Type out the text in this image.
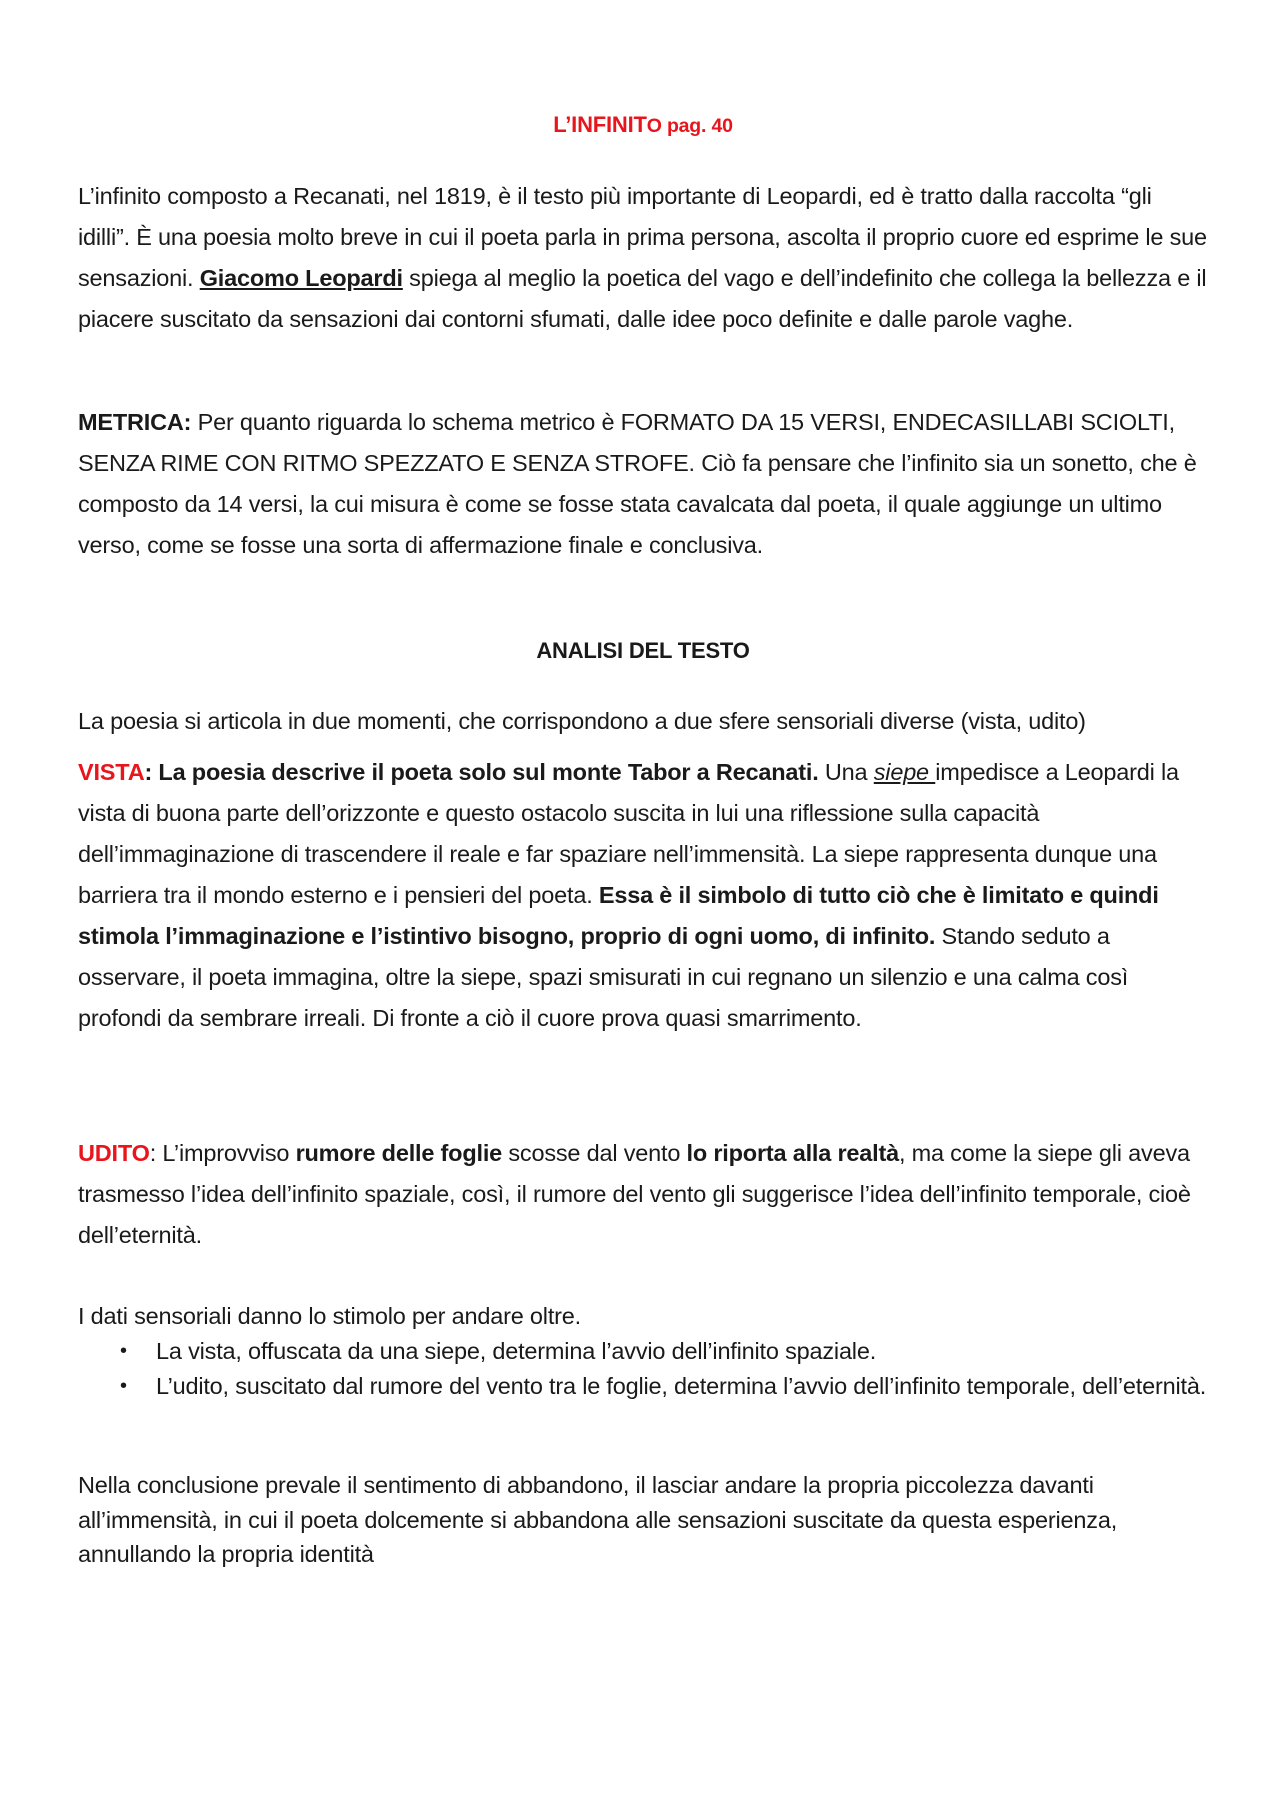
L’INFINITO pag. 40
L’infinito composto a Recanati, nel 1819, è il testo più importante di Leopardi, ed è tratto dalla raccolta “gli idilli”. È una poesia molto breve in cui il poeta parla in prima persona, ascolta il proprio cuore ed esprime le sue sensazioni. Giacomo Leopardi spiega al meglio la poetica del vago e dell’indefinito che collega la bellezza e il piacere suscitato da sensazioni dai contorni sfumati, dalle idee poco definite e dalle parole vaghe.
METRICA: Per quanto riguarda lo schema metrico è FORMATO DA 15 VERSI, ENDECASILLABI SCIOLTI, SENZA RIME CON RITMO SPEZZATO E SENZA STROFE. Ciò fa pensare che l’infinito sia un sonetto, che è composto da 14 versi, la cui misura è come se fosse stata cavalcata dal poeta, il quale aggiunge un ultimo verso, come se fosse una sorta di affermazione finale e conclusiva.
ANALISI DEL TESTO
La poesia si articola in due momenti, che corrispondono a due sfere sensoriali diverse (vista, udito)
VISTA: La poesia descrive il poeta solo sul monte Tabor a Recanati. Una siepe impedisce a Leopardi la vista di buona parte dell’orizzonte e questo ostacolo suscita in lui una riflessione sulla capacità dell’immaginazione di trascendere il reale e far spaziare nell’immensità. La siepe rappresenta dunque una barriera tra il mondo esterno e i pensieri del poeta. Essa è il simbolo di tutto ciò che è limitato e quindi stimola l’immaginazione e l’istintivo bisogno, proprio di ogni uomo, di infinito. Stando seduto a osservare, il poeta immagina, oltre la siepe, spazi smisurati in cui regnano un silenzio e una calma così profondi da sembrare irreali. Di fronte a ciò il cuore prova quasi smarrimento.
UDITO: L’improvviso rumore delle foglie scosse dal vento lo riporta alla realtà, ma come la siepe gli aveva trasmesso l’idea dell’infinito spaziale, così, il rumore del vento gli suggerisce l’idea dell’infinito temporale, cioè dell’eternità.
I dati sensoriali danno lo stimolo per andare oltre.
• La vista, offuscata da una siepe, determina l’avvio dell’infinito spaziale.
• L’udito, suscitato dal rumore del vento tra le foglie, determina l’avvio dell’infinito temporale, dell’eternità.
Nella conclusione prevale il sentimento di abbandono, il lasciar andare la propria piccolezza davanti all’immensità, in cui il poeta dolcemente si abbandona alle sensazioni suscitate da questa esperienza, annullando la propria identità
